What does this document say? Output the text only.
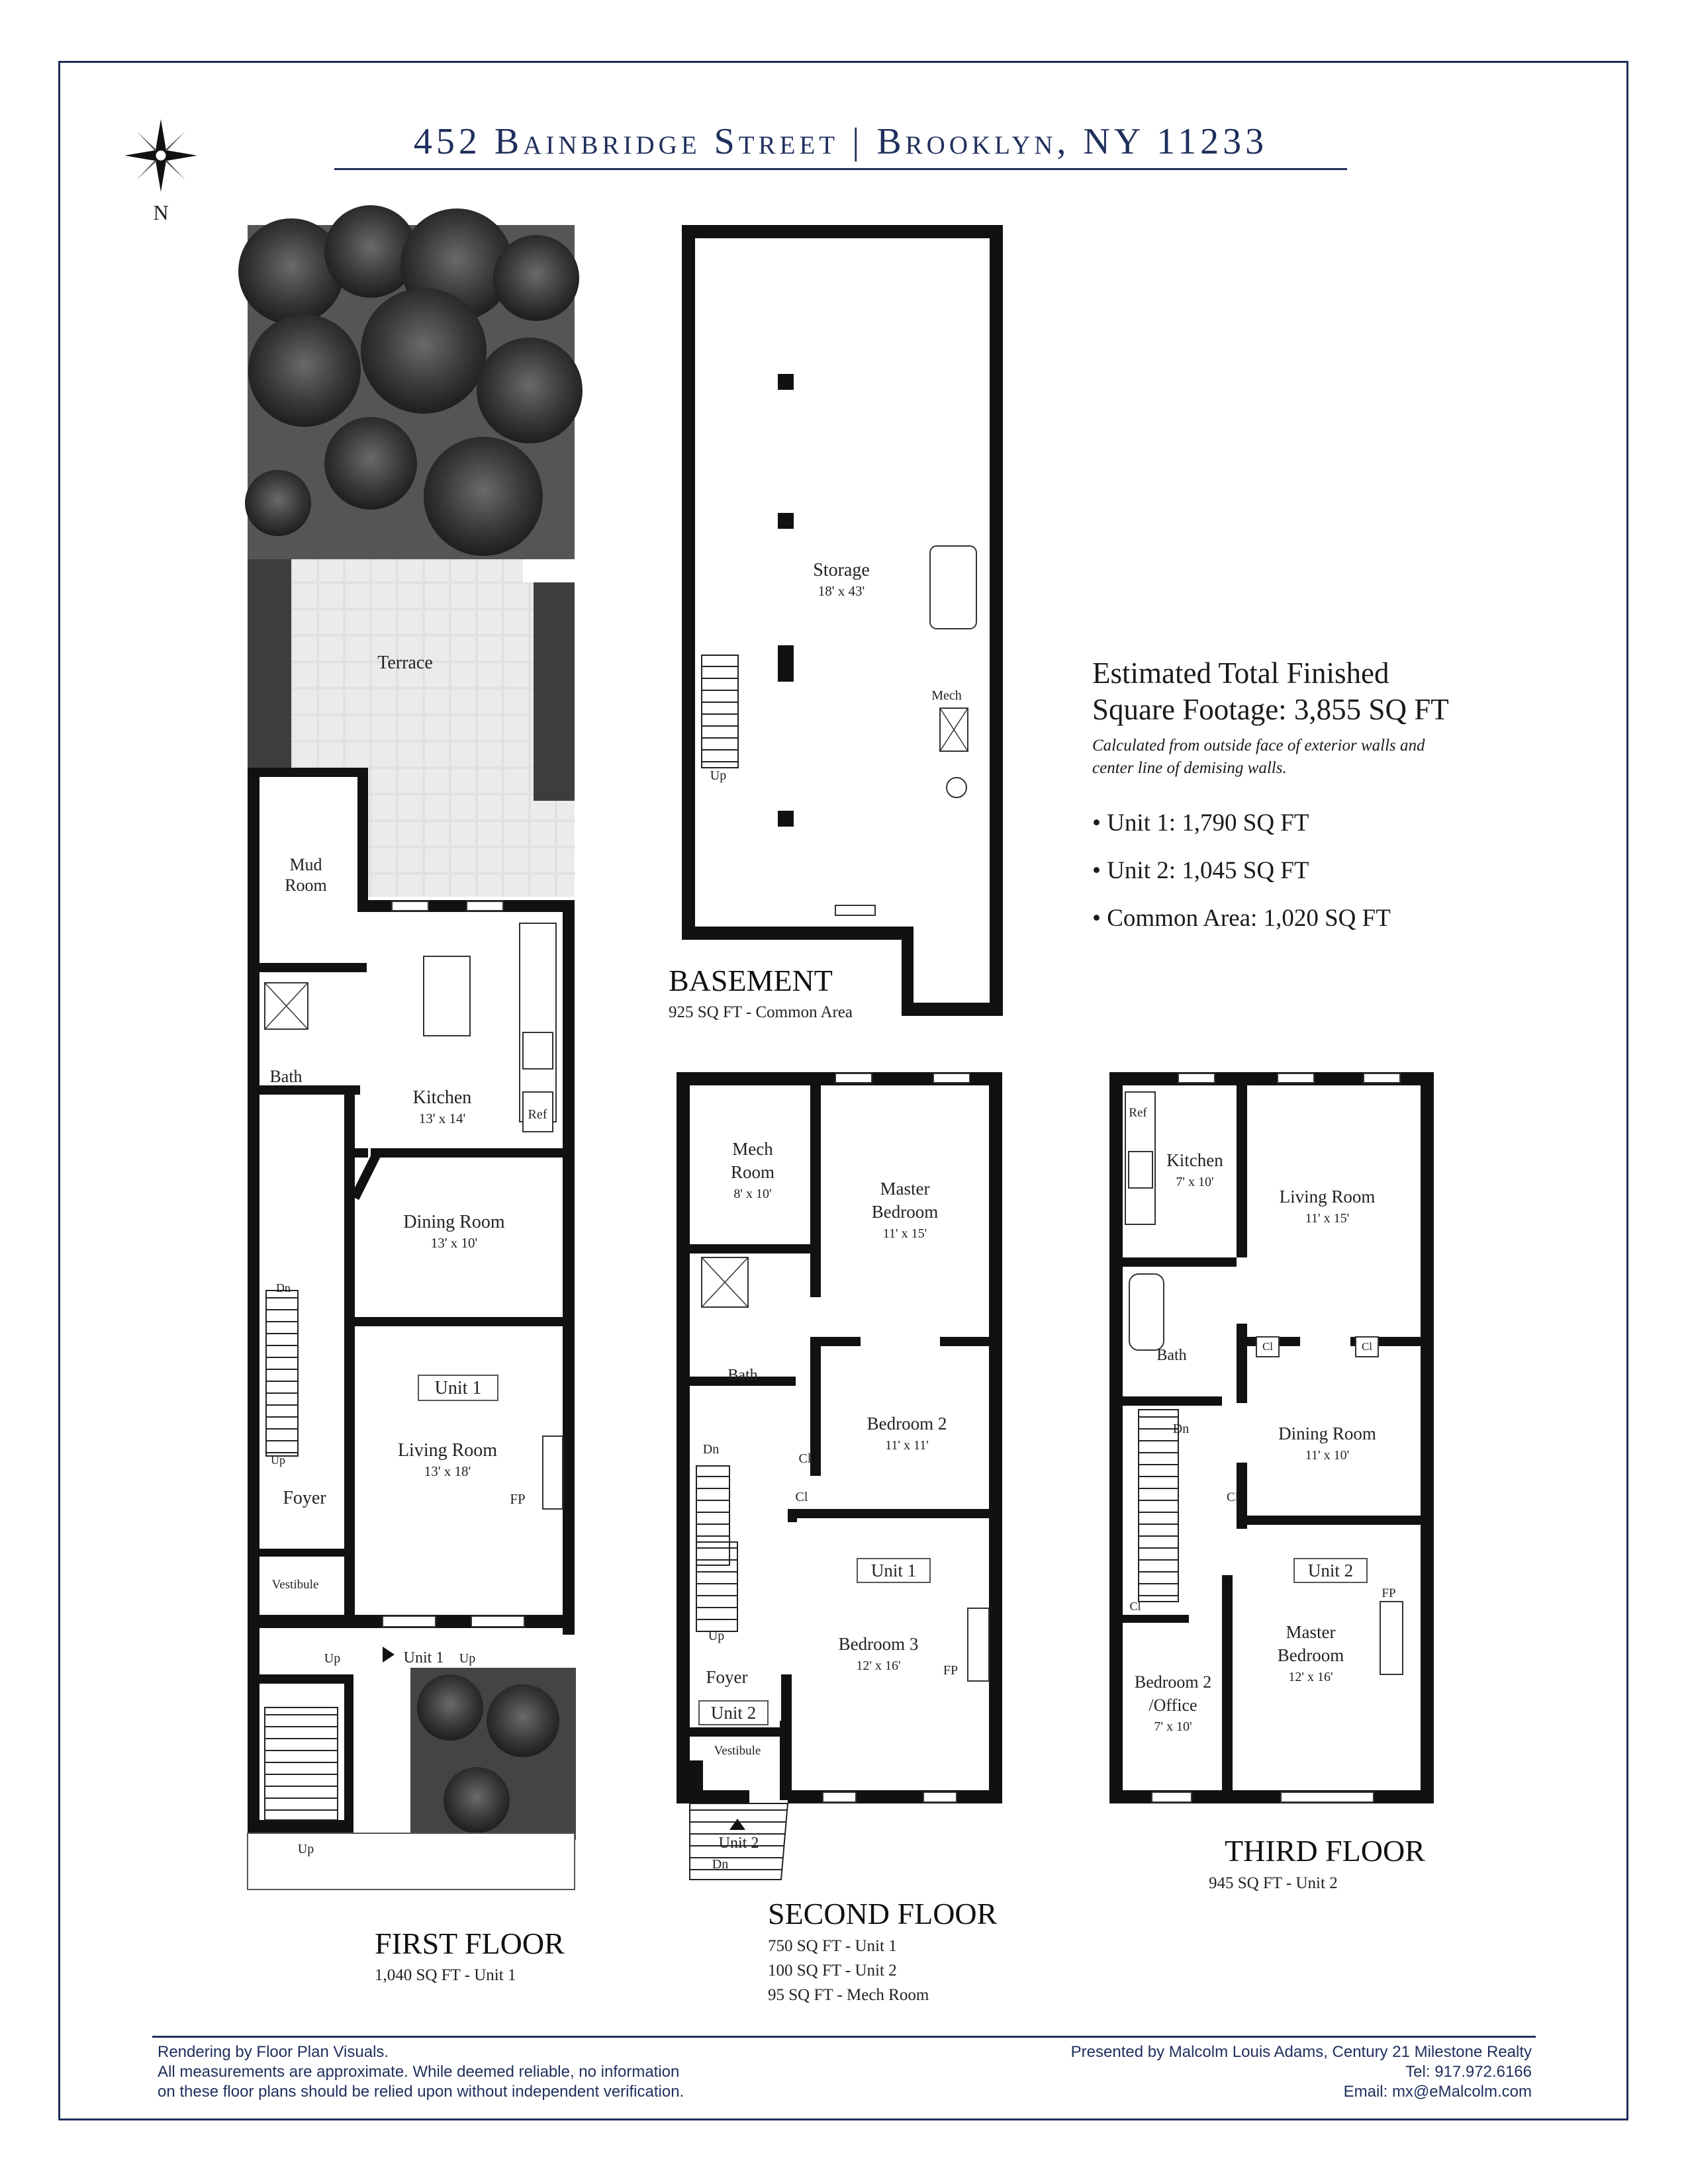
N
452 Bainbridge Street | Brooklyn, NY 11233
Terrace
Dn
Up
Ref
Mud
Room
Bath
Kitchen
13' x 14'
Dining Room
13' x 10'
Unit 1
Living Room
13' x 18'
FP
Foyer
Vestibule
Up	Unit 1 Up
Up
Storage
18' x 43'
Mech
Up
Mech
Room
8' x 10'	Master
Bedroom
11' x 15'
Bath
Bedroom 2
11' x 11'
Cl
Cl
Dn
Up
Unit 1
Bedroom 3
12' x 16'	FP
Foyer
Unit 2
Vestibule
Unit 2
Dn
Ref
Kitchen
7' x 10'
Living Room
11' x 15'
Bath
Cl	Cl
Dn	Dining Room
11' x 10'
Cl
Unit 2
FP
Cl
Master
Bedroom
12' x 16'
Bedroom 2
/Office
7' x 10'
FIRST FLOOR
1,040 SQ FT - Unit 1
BASEMENT
925 SQ FT - Common Area
SECOND FLOOR
750 SQ FT - Unit 1
100 SQ FT - Unit 2
95 SQ FT - Mech Room
THIRD FLOOR
945 SQ FT - Unit 2
Estimated Total Finished
Square Footage: 3,855 SQ FT
Calculated from outside face of exterior walls and
center line of demising walls.
• Unit 1: 1,790 SQ FT
• Unit 2: 1,045 SQ FT
• Common Area: 1,020 SQ FT
Rendering by Floor Plan Visuals.
All measurements are approximate. While deemed reliable, no information
on these floor plans should be relied upon without independent verification.
Presented by Malcolm Louis Adams, Century 21 Milestone Realty
Tel: 917.972.6166
Email: mx@eMalcolm.com
